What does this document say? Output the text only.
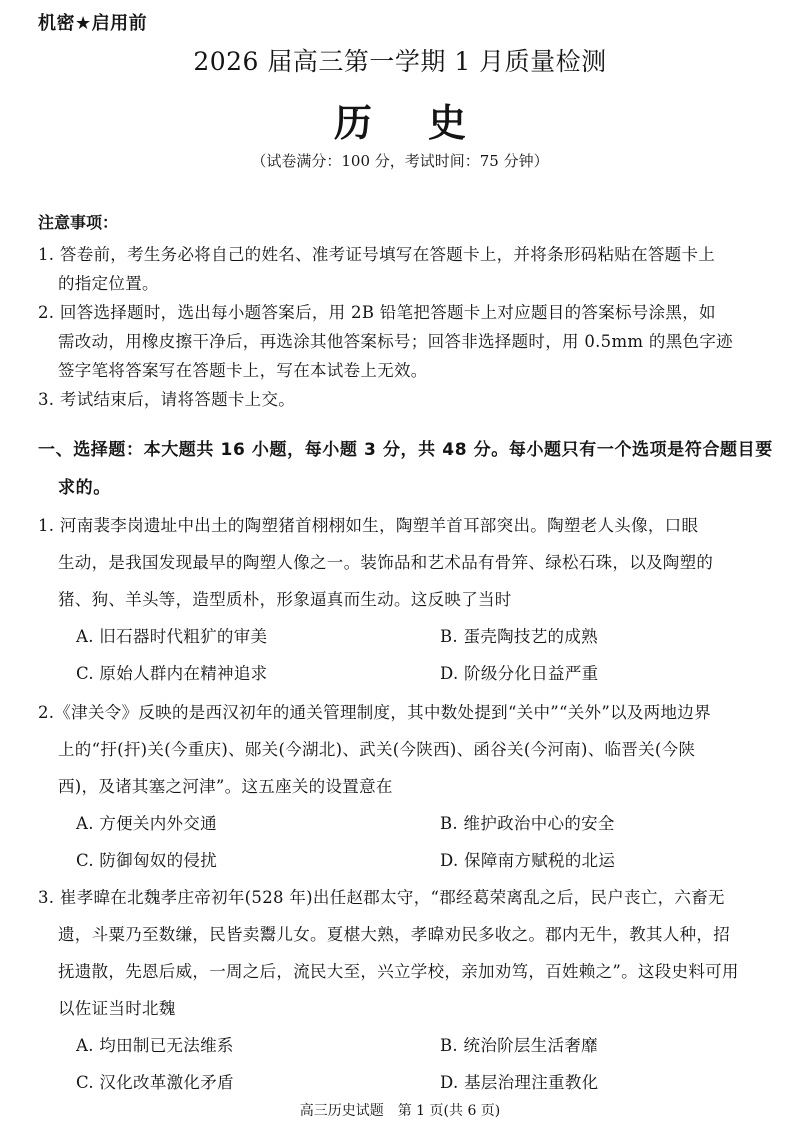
机密★启用前
2026 届高三第一学期 1 月质量检测
历史
（试卷满分：100 分，考试时间：75 分钟）
注意事项：
1. 答卷前，考生务必将自己的姓名、准考证号填写在答题卡上，并将条形码粘贴在答题卡上
的指定位置。
2. 回答选择题时，选出每小题答案后，用 2B 铅笔把答题卡上对应题目的答案标号涂黑，如
需改动，用橡皮擦干净后，再选涂其他答案标号；回答非选择题时，用 0.5mm 的黑色字迹
签字笔将答案写在答题卡上，写在本试卷上无效。
3. 考试结束后，请将答题卡上交。
一、选择题：本大题共 16 小题，每小题 3 分，共 48 分。每小题只有一个选项是符合题目要
求的。
1. 河南裴李岗遗址中出土的陶塑猪首栩栩如生，陶塑羊首耳部突出。陶塑老人头像，口眼
生动，是我国发现最早的陶塑人像之一。装饰品和艺术品有骨笄、绿松石珠，以及陶塑的
猪、狗、羊头等，造型质朴，形象逼真而生动。这反映了当时
A. 旧石器时代粗犷的审美	B. 蛋壳陶技艺的成熟
C. 原始人群内在精神追求	D. 阶级分化日益严重
2.《津关令》反映的是西汉初年的通关管理制度，其中数处提到“关中”“关外”以及两地边界
上的“扜(扞)关(今重庆)、郧关(今湖北)、武关(今陕西)、函谷关(今河南)、临晋关(今陕
西)，及诸其塞之河津”。这五座关的设置意在
A. 方便关内外交通	B. 维护政治中心的安全
C. 防御匈奴的侵扰	D. 保障南方赋税的北运
3. 崔孝暐在北魏孝庄帝初年(528 年)出任赵郡太守，“郡经葛荣离乱之后，民户丧亡，六畜无
遗，斗粟乃至数缣，民皆卖鬻儿女。夏椹大熟，孝暐劝民多收之。郡内无牛，教其人种，招
抚遗散，先恩后威，一周之后，流民大至，兴立学校，亲加劝笃，百姓赖之”。这段史料可用
以佐证当时北魏
A. 均田制已无法维系	B. 统治阶层生活奢靡
C. 汉化改革激化矛盾	D. 基层治理注重教化
高三历史试题　第 1 页(共 6 页)
